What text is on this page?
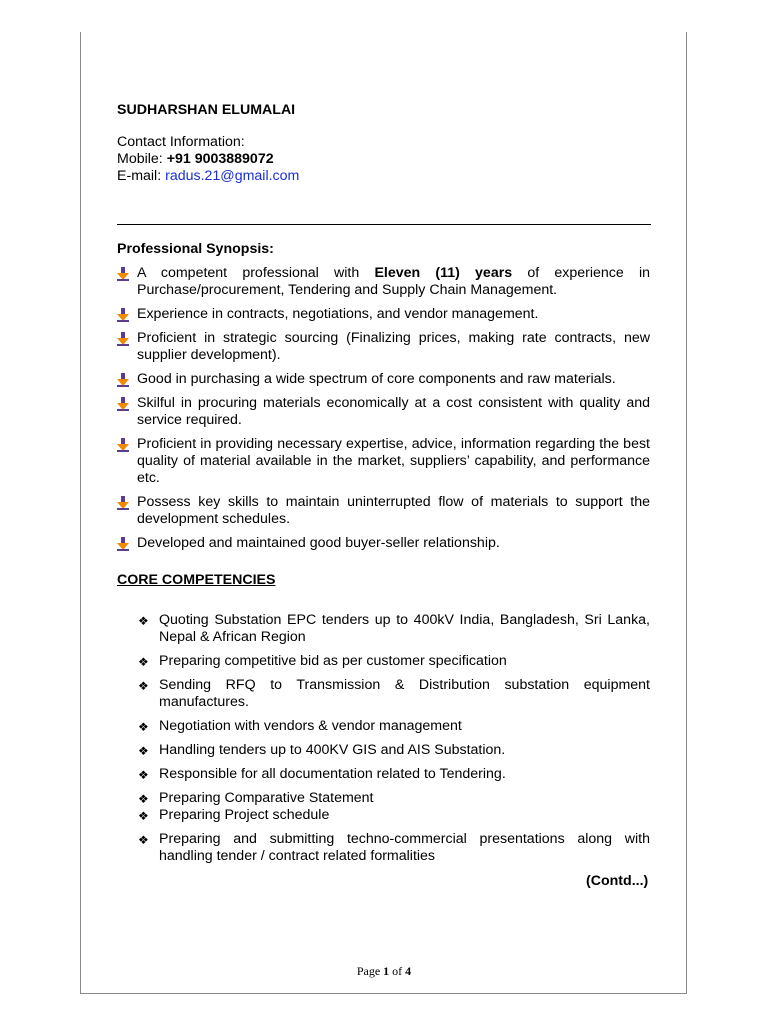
SUDHARSHAN ELUMALAI
Contact Information:
Mobile: +91 9003889072
E-mail: radus.21@gmail.com
Professional Synopsis:
A competent professional with Eleven (11) years of experience in Purchase/procurement, Tendering and Supply Chain Management.
Experience in contracts, negotiations, and vendor management.
Proficient in strategic sourcing (Finalizing prices, making rate contracts, new supplier development).
Good in purchasing a wide spectrum of core components and raw materials.
Skilful in procuring materials economically at a cost consistent with quality and service required.
Proficient in providing necessary expertise, advice, information regarding the best quality of material available in the market, suppliers’ capability, and performance etc.
Possess key skills to maintain uninterrupted flow of materials to support the development schedules.
Developed and maintained good buyer-seller relationship.
CORE COMPETENCIES
❖ Quoting Substation EPC tenders up to 400kV India, Bangladesh, Sri Lanka, Nepal & African Region
❖ Preparing competitive bid as per customer specification
❖ Sending RFQ to Transmission & Distribution substation equipment manufactures.
❖ Negotiation with vendors & vendor management
❖ Handling tenders up to 400KV GIS and AIS Substation.
❖ Responsible for all documentation related to Tendering.
❖ Preparing Comparative Statement
❖ Preparing Project schedule
❖ Preparing and submitting techno-commercial presentations along with handling tender / contract related formalities
(Contd...)
Page 1 of 4
